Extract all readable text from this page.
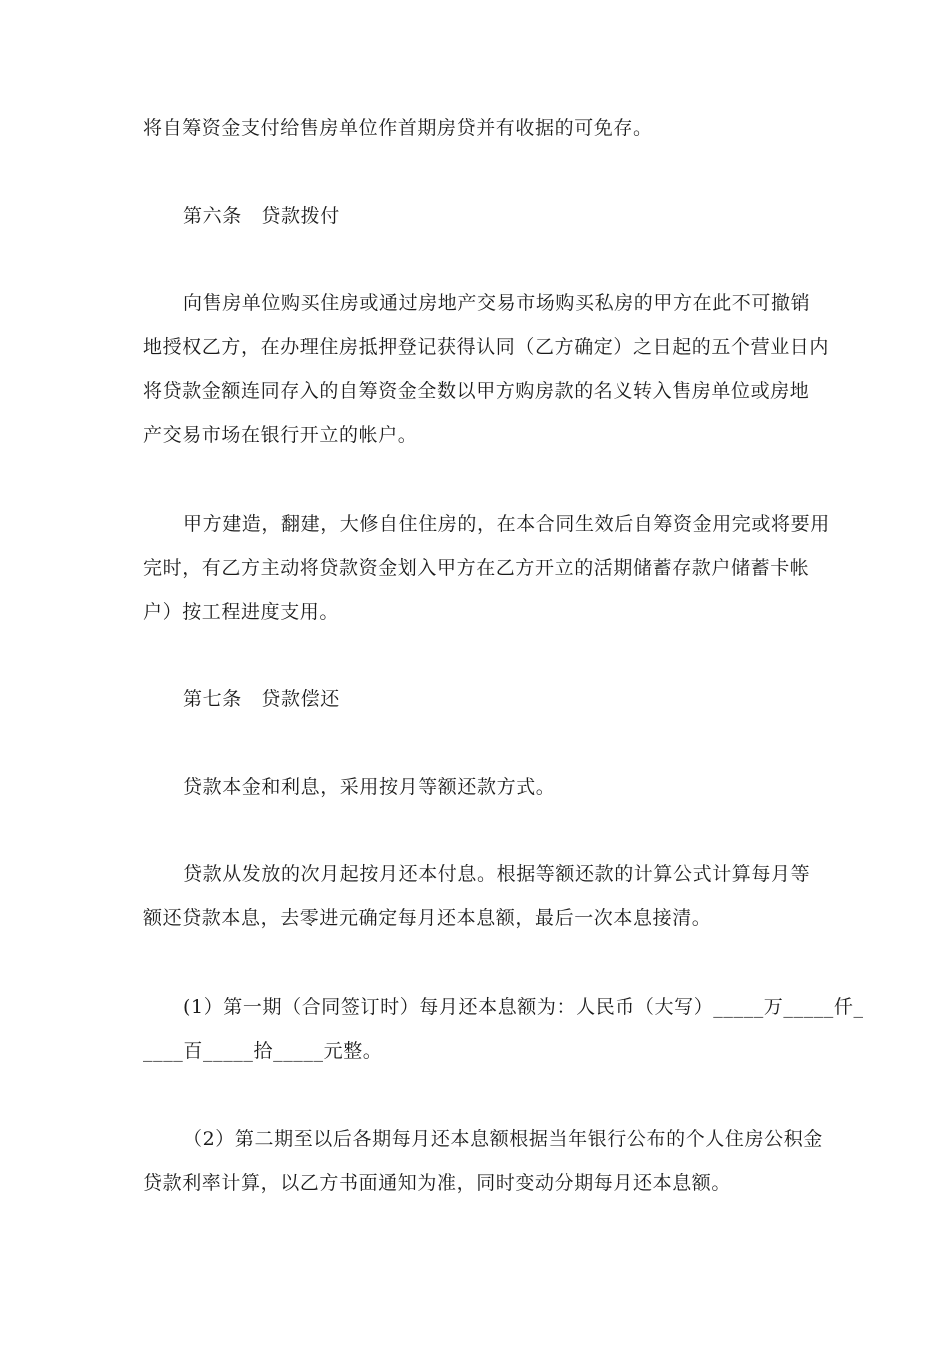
将自筹资金支付给售房单位作首期房贷并有收据的可免存。

第六条　贷款拨付

向售房单位购买住房或通过房地产交易市场购买私房的甲方在此不可撤销
地授权乙方，在办理住房抵押登记获得认同（乙方确定）之日起的五个营业日内
将贷款金额连同存入的自筹资金全数以甲方购房款的名义转入售房单位或房地
产交易市场在银行开立的帐户。

甲方建造，翻建，大修自住住房的，在本合同生效后自筹资金用完或将要用
完时，有乙方主动将贷款资金划入甲方在乙方开立的活期储蓄存款户储蓄卡帐
户）按工程进度支用。

第七条　贷款偿还

贷款本金和利息，采用按月等额还款方式。

贷款从发放的次月起按月还本付息。根据等额还款的计算公式计算每月等
额还贷款本息，去零进元确定每月还本息额，最后一次本息接清。

(1）第一期（合同签订时）每月还本息额为：人民币（大写）_____万_____仟_
____百_____拾_____元整。

（2）第二期至以后各期每月还本息额根据当年银行公布的个人住房公积金
贷款利率计算，以乙方书面通知为准，同时变动分期每月还本息额。
